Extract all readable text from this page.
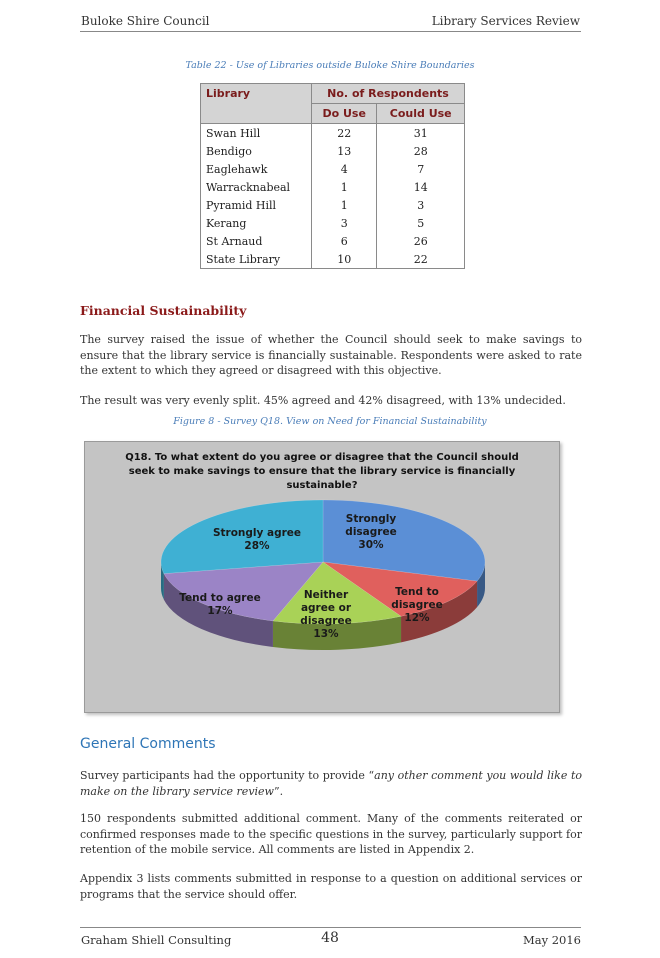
Buloke Shire Council	Library Services Review
Table 22 - Use of Libraries outside Buloke Shire Boundaries
Library	No. of Respondents	
	Do Use	Could Use
Swan Hill	22	31
Bendigo	13	28
Eaglehawk	4	7
Warracknabeal	1	14
Pyramid Hill	1	3
Kerang	3	5
St Arnaud	6	26
State Library	10	22
Financial Sustainability
The survey raised the issue of whether the Council should seek to make savings to ensure that the library service is financially sustainable. Respondents were asked to rate the extent to which they agreed or disagreed with this objective.
The result was very evenly split. 45% agreed and 42% disagreed, with 13% undecided.
Figure 8 - Survey Q18. View on Need for Financial Sustainability
Q18. To what extent do you agree or disagree that the Council should
seek to make savings to ensure that the library service is financially
sustainable?
Strongly
disagree
30%
Tend to
disagree
12%
Neither
agree or
disagree
13%
Tend to agree
17%
Strongly agree
28%
General Comments
Survey participants had the opportunity to provide “any other comment you would like to make on the library service review”.
150 respondents submitted additional comment. Many of the comments reiterated or confirmed responses made to the specific questions in the survey, particularly support for retention of the mobile service. All comments are listed in Appendix 2.
Appendix 3 lists comments submitted in response to a question on additional services or programs that the service should offer.
Graham Shiell Consulting	48	May 2016
